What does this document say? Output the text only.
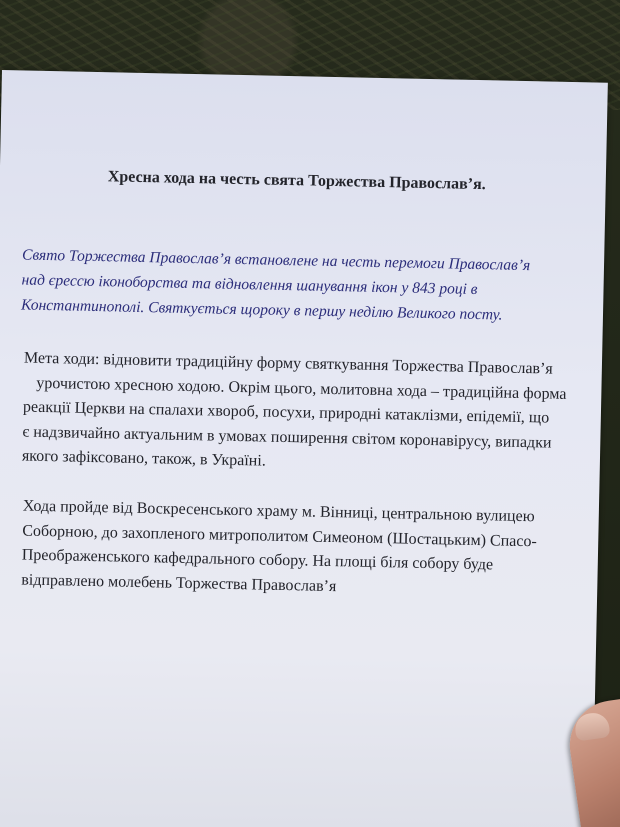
Хресна хода на честь свята Торжества Православ’я.
Свято Торжества Православ’я встановлене на честь перемоги Православ’я
над єрессю іконоборства та відновлення шанування ікон у 843 році в
Константинополі. Святкується щороку в першу неділю Великого посту.
Мета ходи: відновити традиційну форму святкування Торжества Православ’я
урочистою хресною ходою. Окрім цього, молитовна хода – традиційна форма
реакції Церкви на спалахи хвороб, посухи, природні катаклізми, епідемії, що
є надзвичайно актуальним в умовах поширення світом коронавірусу, випадки
якого зафіксовано, також, в Україні.
Хода пройде від Воскресенського храму м. Вінниці, центральною вулицею
Соборною, до захопленого митрополитом Симеоном (Шостацьким) Спасо-
Преображенського кафедрального собору. На площі біля собору буде
відправлено молебень Торжества Православ’я
